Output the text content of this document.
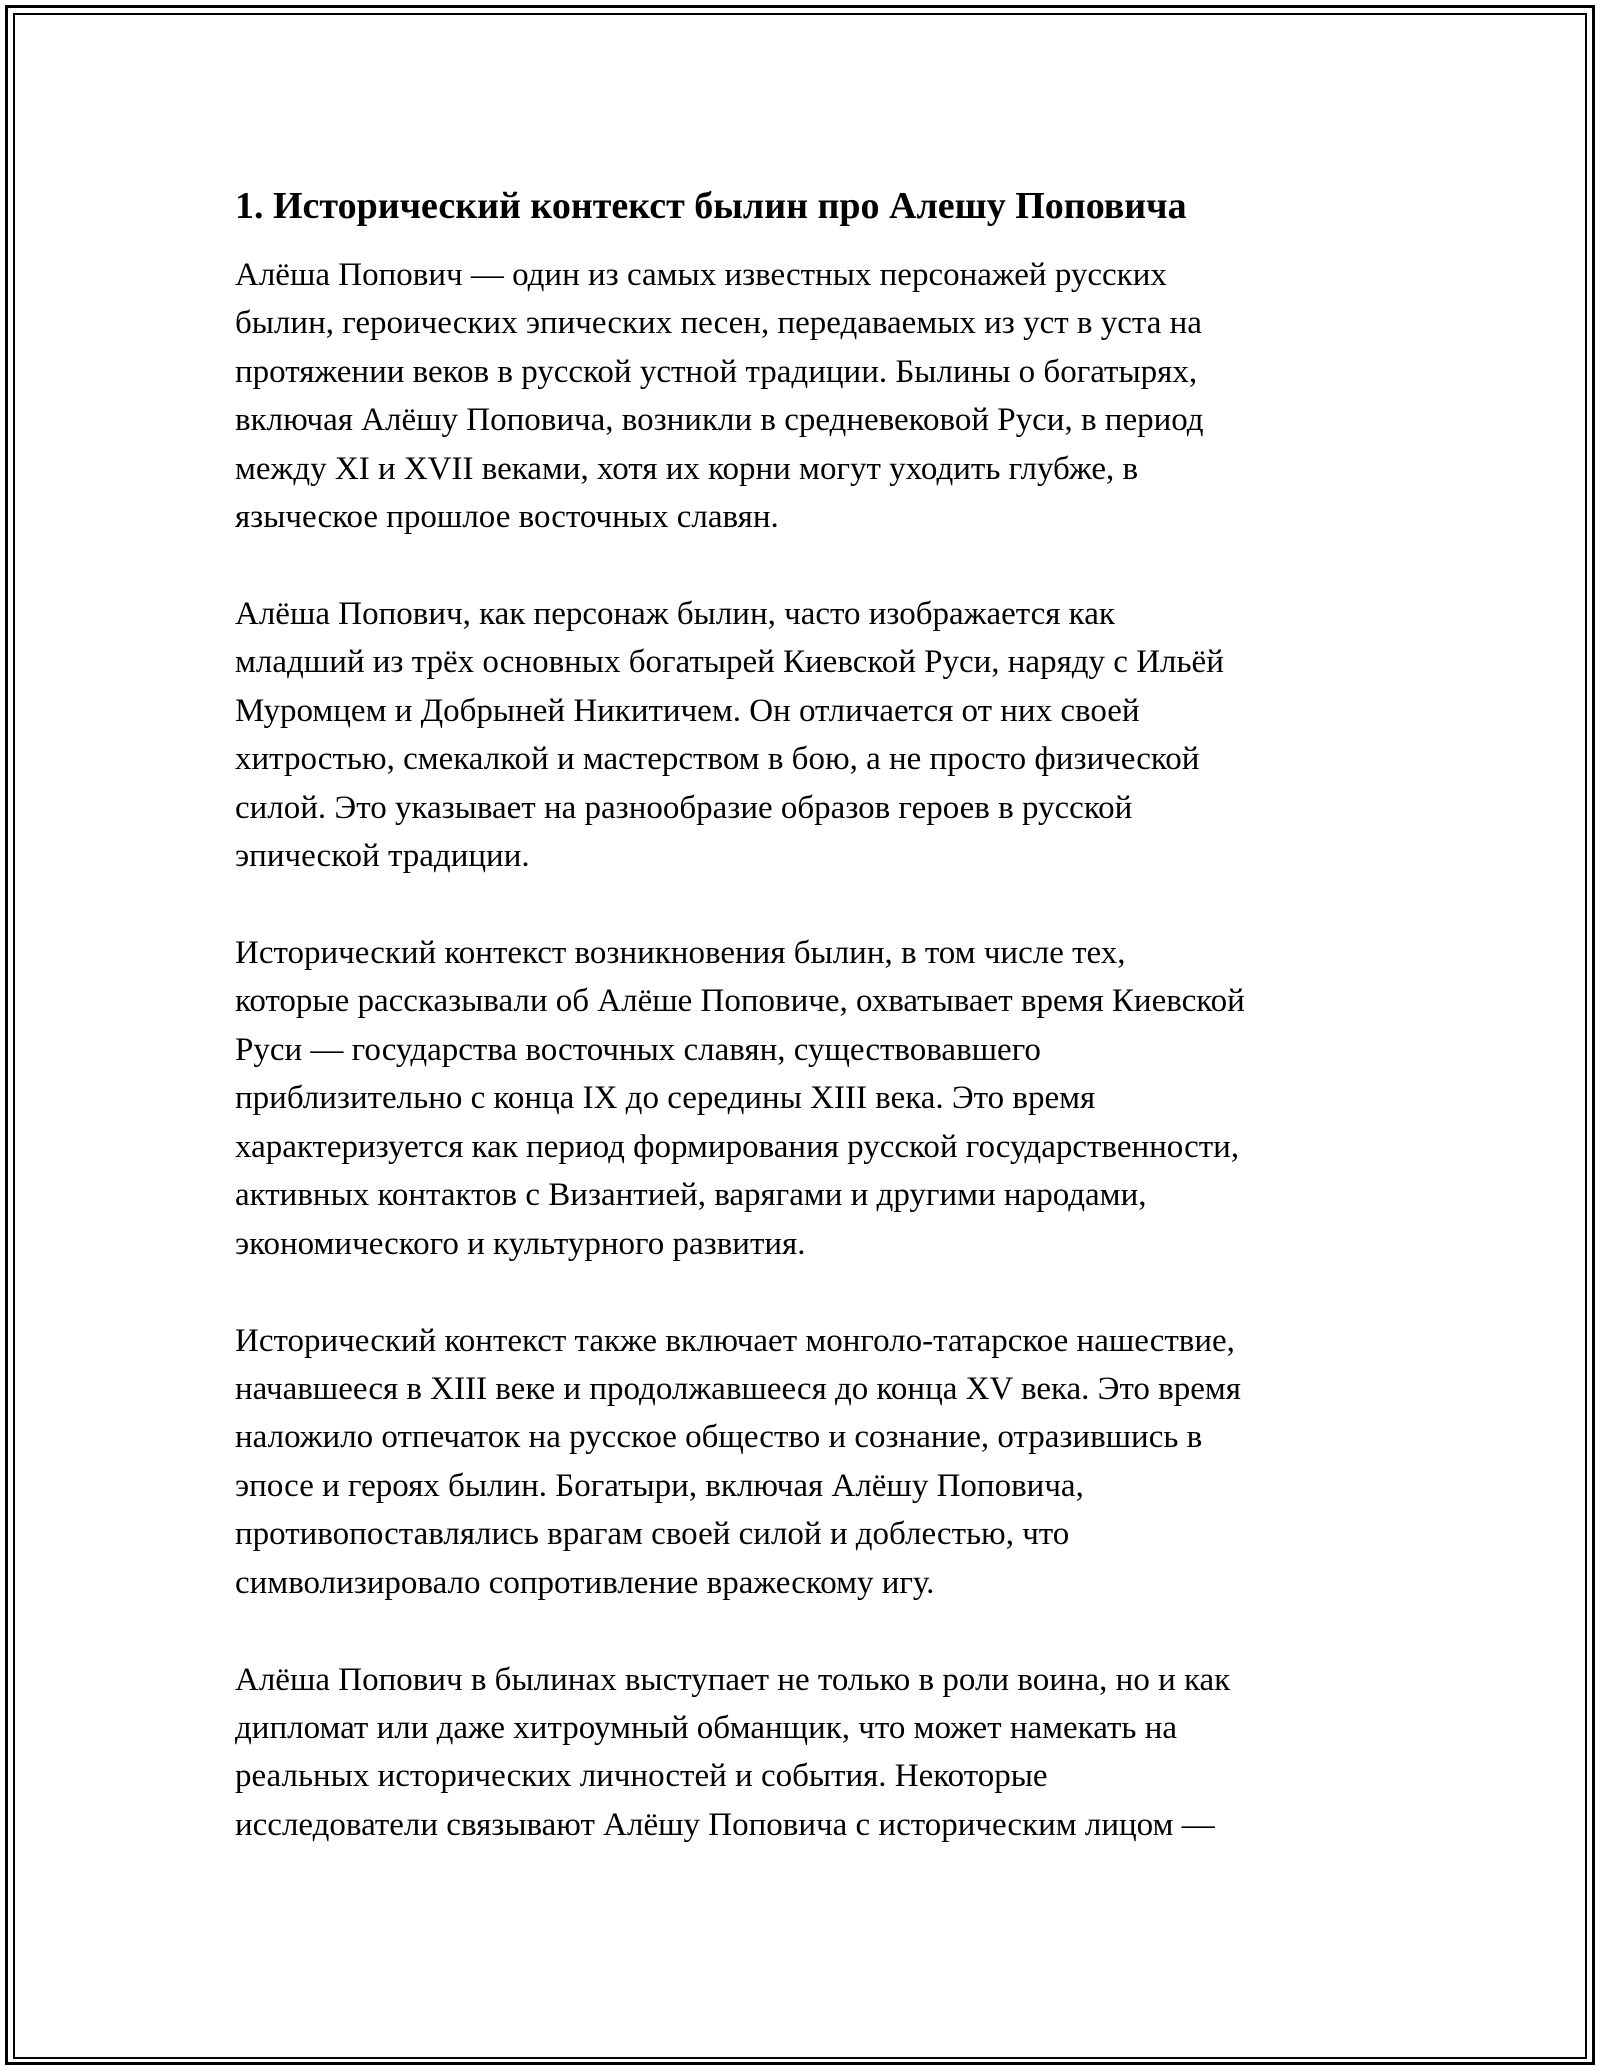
1. Исторический контекст былин про Алешу Поповича

Алёша Попович — один из самых известных персонажей русских
былин, героических эпических песен, передаваемых из уст в уста на
протяжении веков в русской устной традиции. Былины о богатырях,
включая Алёшу Поповича, возникли в средневековой Руси, в период
между XI и XVII веками, хотя их корни могут уходить глубже, в
языческое прошлое восточных славян.

Алёша Попович, как персонаж былин, часто изображается как
младший из трёх основных богатырей Киевской Руси, наряду с Ильёй
Муромцем и Добрыней Никитичем. Он отличается от них своей
хитростью, смекалкой и мастерством в бою, а не просто физической
силой. Это указывает на разнообразие образов героев в русской
эпической традиции.

Исторический контекст возникновения былин, в том числе тех,
которые рассказывали об Алёше Поповиче, охватывает время Киевской
Руси — государства восточных славян, существовавшего
приблизительно с конца IX до середины XIII века. Это время
характеризуется как период формирования русской государственности,
активных контактов с Византией, варягами и другими народами,
экономического и культурного развития.

Исторический контекст также включает монголо-татарское нашествие,
начавшееся в XIII веке и продолжавшееся до конца XV века. Это время
наложило отпечаток на русское общество и сознание, отразившись в
эпосе и героях былин. Богатыри, включая Алёшу Поповича,
противопоставлялись врагам своей силой и доблестью, что
символизировало сопротивление вражескому игу.

Алёша Попович в былинах выступает не только в роли воина, но и как
дипломат или даже хитроумный обманщик, что может намекать на
реальных исторических личностей и события. Некоторые
исследователи связывают Алёшу Поповича с историческим лицом —
